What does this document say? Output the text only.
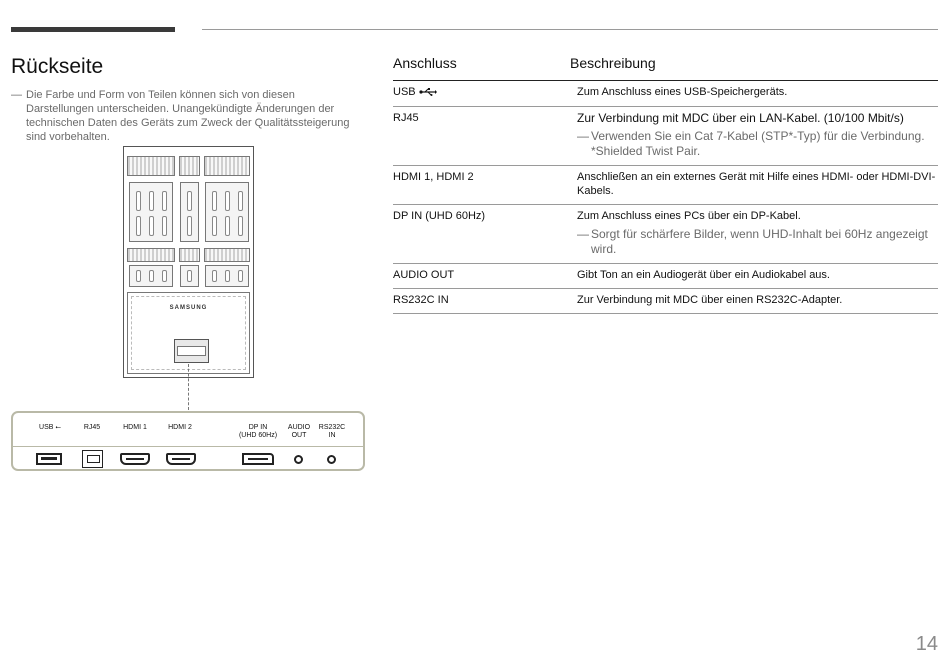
Rückseite
— Die Farbe und Form von Teilen können sich von diesen Darstellungen unterscheiden. Unangekündigte Änderungen der technischen Daten des Geräts zum Zweck der Qualitätssteigerung sind vorbehalten.
SAMSUNG
USB ⭠	RJ45	HDMI 1	HDMI 2	DP IN
(UHD 60Hz)
AUDIO
OUT
RS232C
IN
Anschluss	Beschreibung
USB	Zum Anschluss eines USB-Speichergeräts.
RJ45	Zur Verbindung mit MDC über ein LAN-Kabel. (10/100 Mbit/s)
— Verwenden Sie ein Cat 7-Kabel (STP*-Typ) für die Verbindung.
*Shielded Twist Pair.
HDMI 1, HDMI 2	Anschließen an ein externes Gerät mit Hilfe eines HDMI- oder HDMI-DVI-Kabels.
DP IN (UHD 60Hz)	Zum Anschluss eines PCs über ein DP-Kabel.
— Sorgt für schärfere Bilder, wenn UHD-Inhalt bei 60Hz angezeigt wird.
AUDIO OUT	Gibt Ton an ein Audiogerät über ein Audiokabel aus.
RS232C IN	Zur Verbindung mit MDC über einen RS232C-Adapter.
14
